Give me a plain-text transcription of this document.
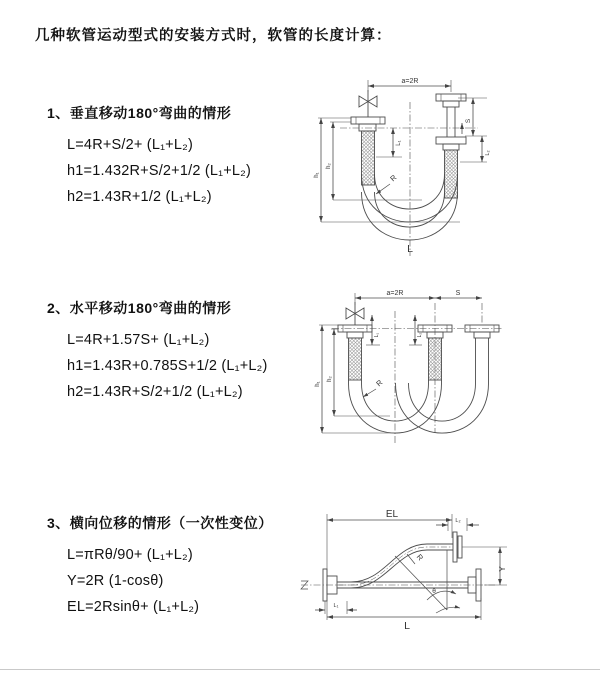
几种软管运动型式的安装方式时，软管的长度计算：
1、垂直移动180°弯曲的情形
L=4R+S/2+ (L₁+L₂)
h1=1.432R+S/2+1/2 (L₁+L₂)
h2=1.43R+1/2 (L₁+L₂)
2、水平移动180°弯曲的情形
L=4R+1.57S+ (L₁+L₂)
h1=1.43R+0.785S+1/2 (L₁+L₂)
h2=1.43R+S/2+1/2 (L₁+L₂)
3、横向位移的情形（一次性变位）
L=πRθ/90+ (L₁+L₂)
Y=2R (1-cosθ)
EL=2Rsinθ+ (L₁+L₂)
a=2R
L₁
S
L₂
h₁
h₂
R
L
a=2R	S
h₁
h₂
L₁	L₂
R
EL
L₂
θ
R
Y
L₁
L
